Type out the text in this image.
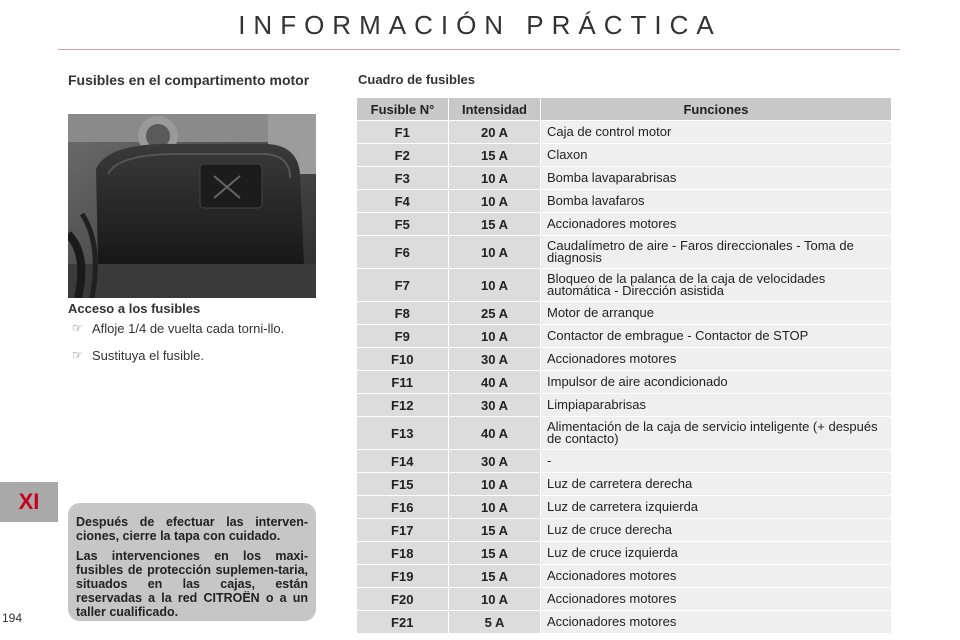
INFORMACIÓN PRÁCTICA
XI
194
Fusibles en el compartimento motor
Acceso a los fusibles
☞ Afloje 1/4 de vuelta cada torni-llo.
☞ Sustituya el fusible.

Después de efectuar las interven-ciones, cierre la tapa con cuidado.

Las intervenciones en los maxi-fusibles de protección suplemen-taria, situados en las cajas, están reservadas a la red CITROËN o a un taller cualificado.

Cuadro de fusibles
Fusible N°	Intensidad	Funciones
F1	20 A	Caja de control motor
F2	15 A	Claxon
F3	10 A	Bomba lavaparabrisas
F4	10 A	Bomba lavafaros
F5	15 A	Accionadores motores
F6	10 A	Caudalímetro de aire - Faros direccionales - Toma de diagnosis
F7	10 A	Bloqueo de la palanca de la caja de velocidades automática - Dirección asistida
F8	25 A	Motor de arranque
F9	10 A	Contactor de embrague - Contactor de STOP
F10	30 A	Accionadores motores
F11	40 A	Impulsor de aire acondicionado
F12	30 A	Limpiaparabrisas
F13	40 A	Alimentación de la caja de servicio inteligente (+ después de contacto)
F14	30 A	-
F15	10 A	Luz de carretera derecha
F16	10 A	Luz de carretera izquierda
F17	15 A	Luz de cruce derecha
F18	15 A	Luz de cruce izquierda
F19	15 A	Accionadores motores
F20	10 A	Accionadores motores
F21	5 A	Accionadores motores
